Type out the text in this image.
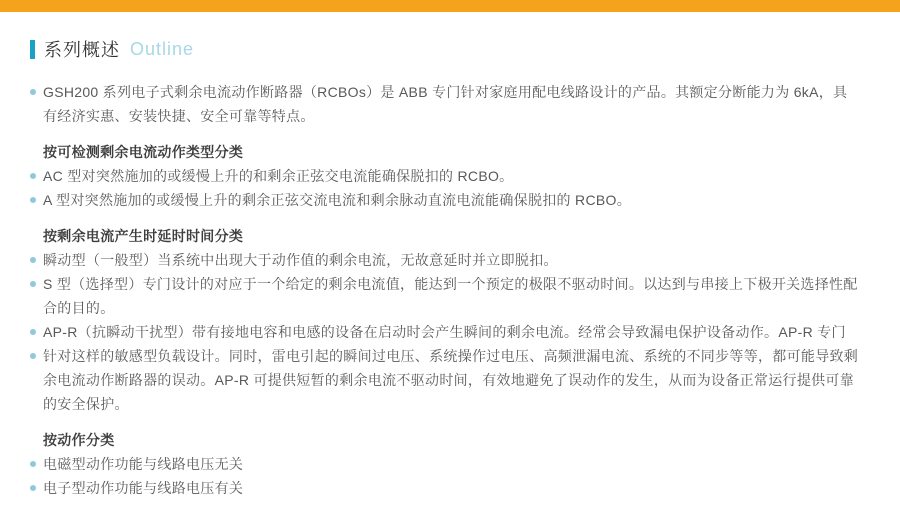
系列概述 Outline
GSH200 系列电子式剩余电流动作断路器（RCBOs）是 ABB 专门针对家庭用配电线路设计的产品。其额定分断能力为 6kA，具有经济实惠、安装快捷、安全可靠等特点。
按可检测剩余电流动作类型分类
AC 型对突然施加的或缓慢上升的和剩余正弦交电流能确保脱扣的 RCBO。
A 型对突然施加的或缓慢上升的剩余正弦交流电流和剩余脉动直流电流能确保脱扣的 RCBO。
按剩余电流产生时延时时间分类
瞬动型（一般型）当系统中出现大于动作值的剩余电流，无故意延时并立即脱扣。
S 型（选择型）专门设计的对应于一个给定的剩余电流值，能达到一个预定的极限不驱动时间。以达到与串接上下极开关选择性配合的目的。
AP-R（抗瞬动干扰型）带有接地电容和电感的设备在启动时会产生瞬间的剩余电流。经常会导致漏电保护设备动作。AP-R 专门
针对这样的敏感型负载设计。同时，雷电引起的瞬间过电压、系统操作过电压、高频泄漏电流、系统的不同步等等，都可能导致剩余电流动作断路器的误动。AP-R 可提供短暂的剩余电流不驱动时间，有效地避免了误动作的发生，从而为设备正常运行提供可靠的安全保护。
按动作分类
电磁型动作功能与线路电压无关
电子型动作功能与线路电压有关
